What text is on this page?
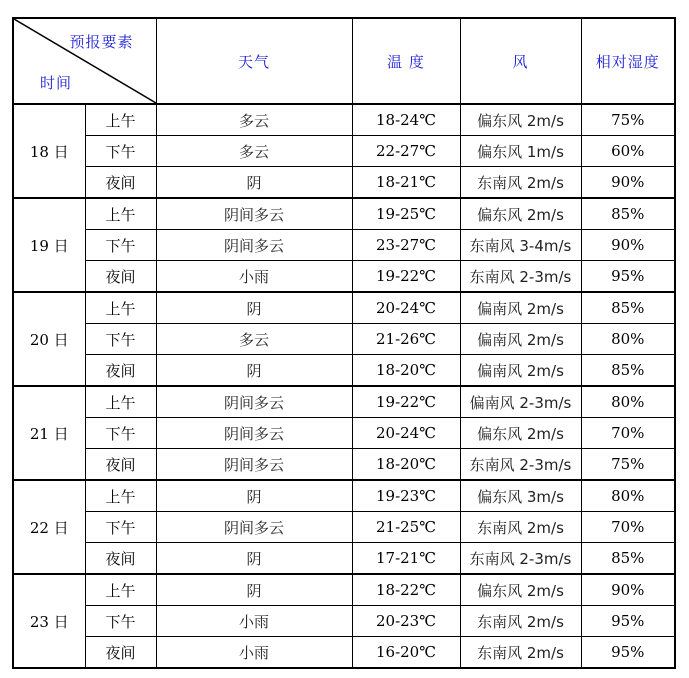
预报要素
时间		天气	温 度	风	相对湿度
18 日	上午	多云	18-24℃	偏东风 2m/s	75%
	下午	多云	22-27℃	偏东风 1m/s	60%
	夜间	阴	18-21℃	东南风 2m/s	90%
19 日	上午	阴间多云	19-25℃	偏东风 2m/s	85%
	下午	阴间多云	23-27℃	东南风 3-4m/s	90%
	夜间	小雨	19-22℃	东南风 2-3m/s	95%
20 日	上午	阴	20-24℃	偏南风 2m/s	85%
	下午	多云	21-26℃	偏南风 2m/s	80%
	夜间	阴	18-20℃	偏南风 2m/s	85%
21 日	上午	阴间多云	19-22℃	偏南风 2-3m/s	80%
	下午	阴间多云	20-24℃	偏东风 2m/s	70%
	夜间	阴间多云	18-20℃	东南风 2-3m/s	75%
22 日	上午	阴	19-23℃	偏东风 3m/s	80%
	下午	阴间多云	21-25℃	东南风 2m/s	70%
	夜间	阴	17-21℃	东南风 2-3m/s	85%
23 日	上午	阴	18-22℃	偏东风 2m/s	90%
	下午	小雨	20-23℃	东南风 2m/s	95%
	夜间	小雨	16-20℃	东南风 2m/s	95%
